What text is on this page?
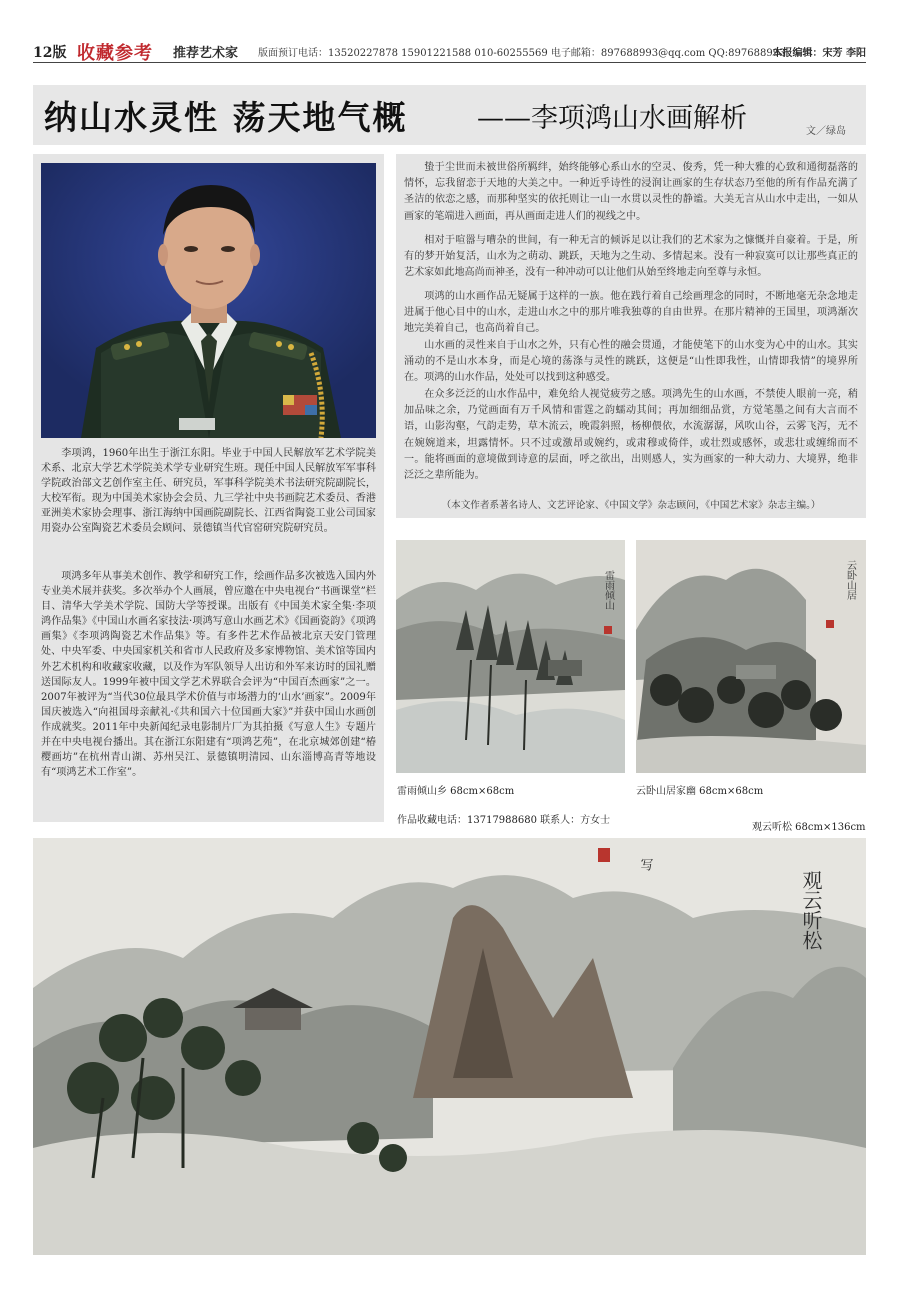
12版 收藏参考 推荐艺术家 版面预订电话：13520227878 15901221588 010-60255569 电子邮箱：897688993@qq.com QQ:897688993
本报编辑：宋芳 李阳
纳山水灵性 荡天地气概	——李项鸿山水画解析	文／绿岛

李项鸿，1960年出生于浙江东阳。毕业于中国人民解放军艺术学院美术系、北京大学艺术学院美术学专业研究生班。现任中国人民解放军军事科学院政治部文艺创作室主任、研究员，军事科学院美术书法研究院副院长，大校军衔。现为中国美术家协会会员、九三学社中央书画院艺术委员、香港亚洲美术家协会理事、浙江海纳中国画院副院长、江西省陶瓷工业公司国家用瓷办公室陶瓷艺术委员会顾问、景德镇当代官窑研究院研究员。

项鸿多年从事美术创作、教学和研究工作，绘画作品多次被选入国内外专业美术展并获奖。多次举办个人画展，曾应邀在中央电视台“书画课堂”栏目、清华大学美术学院、国防大学等授课。出版有《中国美术家全集·李项鸿作品集》《中国山水画名家技法·项鸿写意山水画艺术》《国画瓷韵》《项鸿画集》《李项鸿陶瓷艺术作品集》等。有多件艺术作品被北京天安门管理处、中央军委、中央国家机关和省市人民政府及多家博物馆、美术馆等国内外艺术机构和收藏家收藏，以及作为军队领导人出访和外军来访时的国礼赠送国际友人。1999年被中国文学艺术界联合会评为“中国百杰画家”之一。2007年被评为“当代30位最具学术价值与市场潜力的‘山水’画家”。2009年国庆被选入“向祖国母亲献礼·《共和国六十位国画大家》”并获中国山水画创作成就奖。2011年中央新闻纪录电影制片厂为其拍摄《写意人生》专题片并在中央电视台播出。其在浙江东阳建有“项鸿艺苑”，在北京城郊创建“椿樱画坊”在杭州青山湖、苏州吴江、景德镇明清园、山东淄博高青等地设有“项鸿艺术工作室”。

蛰于尘世而未被世俗所羁绊，始终能够心系山水的空灵、俊秀，凭一种大雅的心致和通彻磊落的情怀，忘我留恋于天地的大美之中。一种近乎诗性的浸润让画家的生存状态乃至他的所有作品充满了圣洁的依恋之感，而那种坚实的依托则让一山一水贯以灵性的静谧。大美无言从山水中走出，一如从画家的笔端进入画面，再从画面走进人们的视线之中。

相对于喧嚣与嘈杂的世间，有一种无言的倾诉足以让我们的艺术家为之慷慨并自豪着。于是，所有的梦开始复活，山水为之萌动、跳跃，天地为之生动、多情起来。没有一种寂寞可以让那些真正的艺术家如此地高尚而神圣，没有一种冲动可以让他们从始至终地走向至尊与永恒。

项鸿的山水画作品无疑属于这样的一族。他在践行着自己绘画理念的同时，不断地毫无杂念地走进属于他心目中的山水，走进山水之中的那片唯我独尊的自由世界。在那片精神的王国里，项鸿渐次地完美着自己，也高尚着自己。

山水画的灵性来自于山水之外，只有心性的融会贯通，才能使笔下的山水变为心中的山水。其实涌动的不是山水本身，而是心境的荡涤与灵性的跳跃，这便是“山性即我性，山情即我情”的境界所在。项鸿的山水作品，处处可以找到这种感受。

在众多泛泛的山水作品中，难免给人视觉疲劳之感。项鸿先生的山水画，不禁使人眼前一亮，稍加品味之余，乃觉画面有万千风情和雷霆之韵蠕动其间；再加细细品赏，方觉笔墨之间有大言而不语，山影沟壑，气韵走势，草木流云，晚霞斜照，杨柳偎依，水流潺潺，风吹山谷，云雾飞泻，无不在婉婉道来，坦露情怀。只不过或激昂或婉约，或肃穆或倚伴，或壮烈或感怀，或悲壮或缠绵而不一。能将画面的意境做到诗意的层面，呼之欲出，出则感人，实为画家的一种大动力、大境界，绝非泛泛之辈所能为。

（本文作者系著名诗人、文艺评论家、《中国文学》杂志顾问，《中国艺术家》杂志主编。）
雷雨倾山	云卧山居
雷雨倾山乡 68cm×68cm	云卧山居家幽 68cm×68cm
作品收藏电话：13717988680 联系人：方女士
观云听松 68cm×136cm
观云听松
写
